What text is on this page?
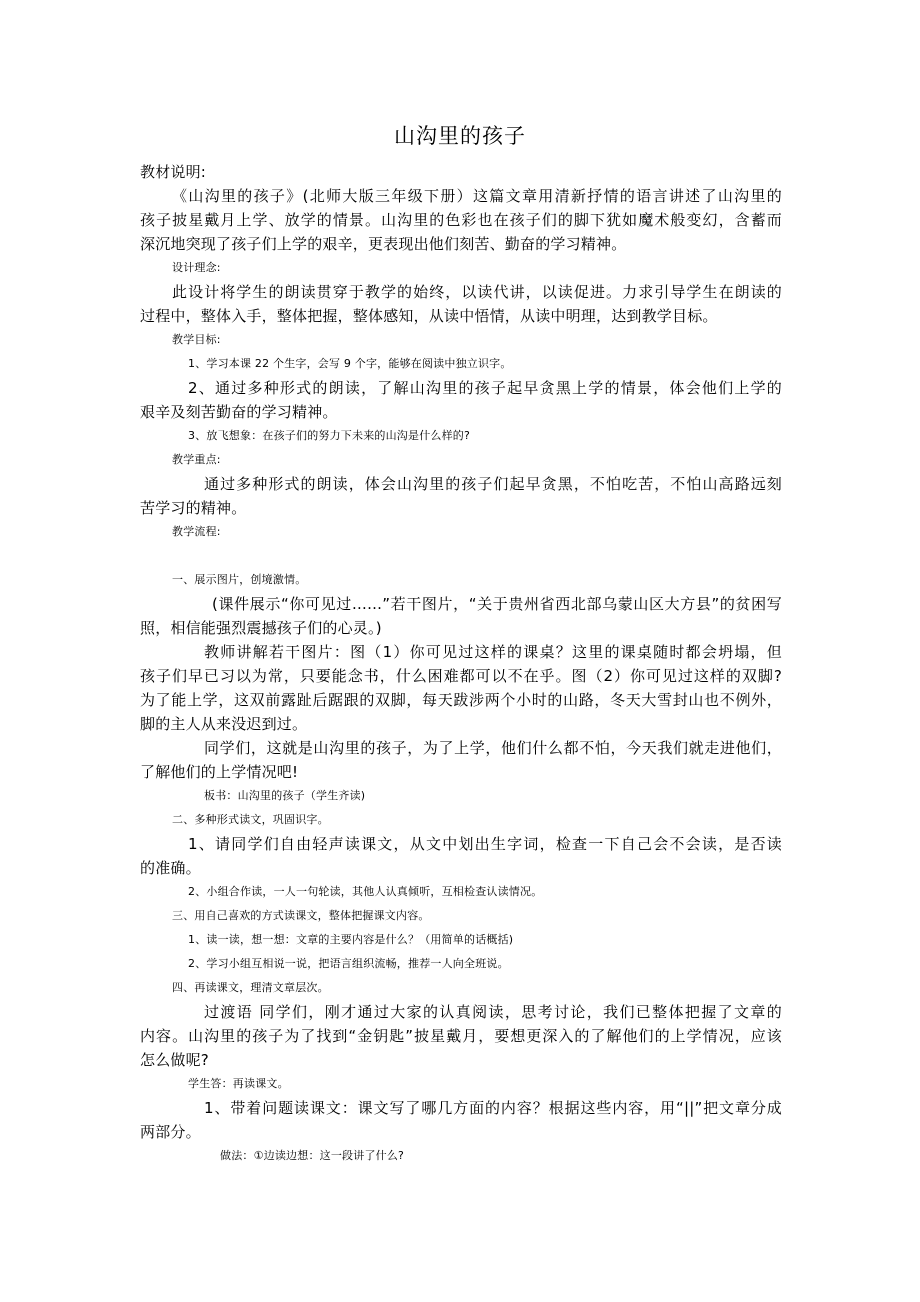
山沟里的孩子
教材说明:
《山沟里的孩子》(北师大版三年级下册）这篇文章用清新抒情的语言讲述了山沟里的
孩子披星戴月上学、放学的情景。山沟里的色彩也在孩子们的脚下犹如魔术般变幻，含蓄而
深沉地突现了孩子们上学的艰辛，更表现出他们刻苦、勤奋的学习精神。
设计理念:
此设计将学生的朗读贯穿于教学的始终，以读代讲，以读促进。力求引导学生在朗读的
过程中，整体入手，整体把握，整体感知，从读中悟情，从读中明理，达到教学目标。
教学目标:
1、学习本课 22 个生字，会写 9 个字，能够在阅读中独立识字。
2、通过多种形式的朗读，了解山沟里的孩子起早贪黑上学的情景，体会他们上学的
艰辛及刻苦勤奋的学习精神。
3、放飞想象：在孩子们的努力下未来的山沟是什么样的?
教学重点:
通过多种形式的朗读，体会山沟里的孩子们起早贪黑，不怕吃苦，不怕山高路远刻
苦学习的精神。
教学流程:
一、展示图片，创境激情。
(课件展示“你可见过……”若干图片，“关于贵州省西北部乌蒙山区大方县”的贫困写
照，相信能强烈震撼孩子们的心灵。)
教师讲解若干图片：图（1）你可见过这样的课桌？这里的课桌随时都会坍塌，但
孩子们早已习以为常，只要能念书，什么困难都可以不在乎。图（2）你可见过这样的双脚?
为了能上学，这双前露趾后踞跟的双脚，每天跋涉两个小时的山路，冬天大雪封山也不例外，
脚的主人从来没迟到过。
同学们，这就是山沟里的孩子，为了上学，他们什么都不怕，今天我们就走进他们，
了解他们的上学情况吧!
板书：山沟里的孩子（学生齐读)
二、多种形式读文，巩固识字。
1、请同学们自由轻声读课文，从文中划出生字词，检查一下自己会不会读，是否读
的准确。
2、小组合作读，一人一句轮读，其他人认真倾听，互相检查认读情况。
三、用自己喜欢的方式读课文，整体把握课文内容。
1、读一读，想一想：文章的主要内容是什么？（用简单的话概括)
2、学习小组互相说一说，把语言组织流畅，推荐一人向全班说。
四、再读课文，理清文章层次。
过渡语 同学们，刚才通过大家的认真阅读，思考讨论，我们已整体把握了文章的
内容。山沟里的孩子为了找到“金钥匙”披星戴月，要想更深入的了解他们的上学情况，应该
怎么做呢?
学生答：再读课文。
1、带着问题读课文：课文写了哪几方面的内容？根据这些内容，用“||”把文章分成
两部分。
做法：①边读边想：这一段讲了什么?
